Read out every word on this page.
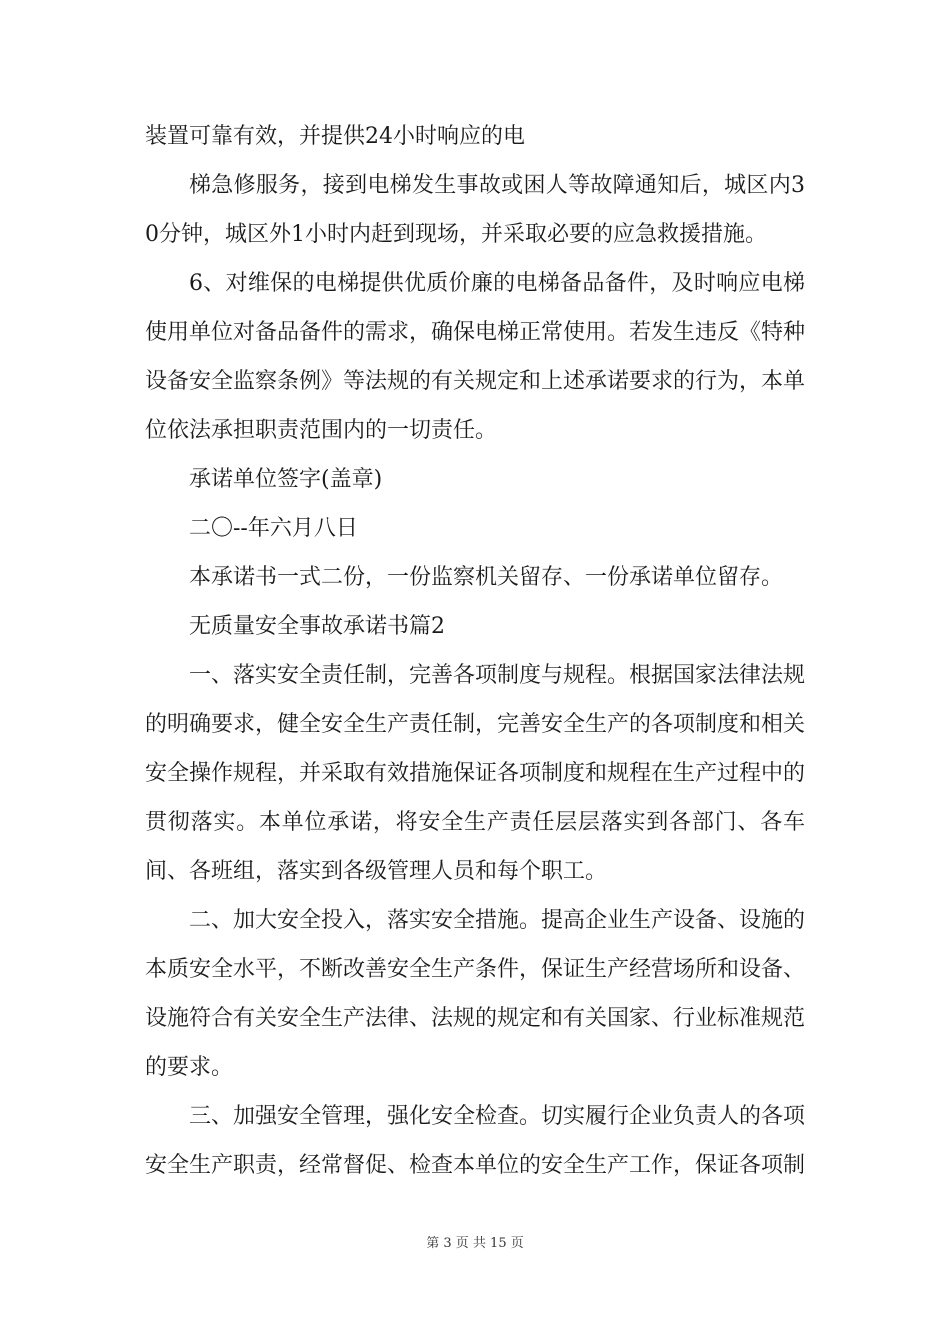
装置可靠有效，并提供24小时响应的电

梯急修服务，接到电梯发生事故或困人等故障通知后，城区内30分钟，城区外1小时内赶到现场，并采取必要的应急救援措施。

6、对维保的电梯提供优质价廉的电梯备品备件，及时响应电梯使用单位对备品备件的需求，确保电梯正常使用。若发生违反《特种设备安全监察条例》等法规的有关规定和上述承诺要求的行为，本单位依法承担职责范围内的一切责任。

承诺单位签字(盖章)

二〇--年六月八日

本承诺书一式二份，一份监察机关留存、一份承诺单位留存。

无质量安全事故承诺书篇2

一、落实安全责任制，完善各项制度与规程。根据国家法律法规的明确要求，健全安全生产责任制，完善安全生产的各项制度和相关安全操作规程，并采取有效措施保证各项制度和规程在生产过程中的贯彻落实。本单位承诺，将安全生产责任层层落实到各部门、各车间、各班组，落实到各级管理人员和每个职工。

二、加大安全投入，落实安全措施。提高企业生产设备、设施的本质安全水平，不断改善安全生产条件，保证生产经营场所和设备、设施符合有关安全生产法律、法规的规定和有关国家、行业标准规范的要求。

三、加强安全管理，强化安全检查。切实履行企业负责人的各项安全生产职责，经常督促、检查本单位的安全生产工作，保证各项制

第 3 页 共 15 页
